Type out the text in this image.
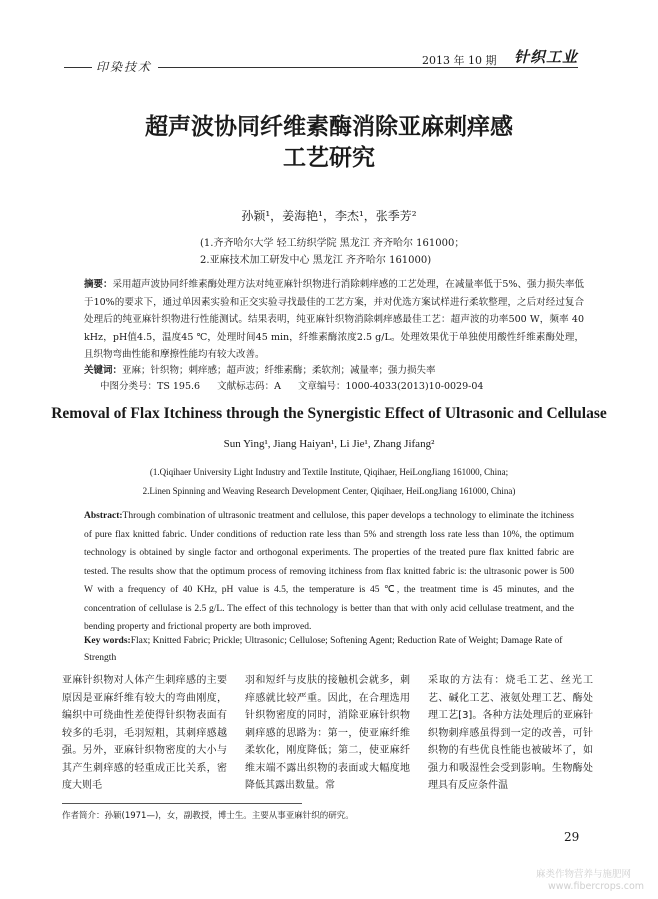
印染技术	2013 年 10 期 针织工业
超声波协同纤维素酶消除亚麻刺痒感
工艺研究
孙颖¹，姜海艳¹，李杰¹，张季芳²
(1.齐齐哈尔大学 轻工纺织学院 黑龙江 齐齐哈尔 161000；
2.亚麻技术加工研发中心 黑龙江 齐齐哈尔 161000)
摘要：采用超声波协同纤维素酶处理方法对纯亚麻针织物进行消除刺痒感的工艺处理，在减量率低于5%、强力损失率低于10%的要求下，通过单因素实验和正交实验寻找最佳的工艺方案，并对优选方案试样进行柔软整理，之后对经过复合处理后的纯亚麻针织物进行性能测试。结果表明，纯亚麻针织物消除刺痒感最佳工艺：超声波的功率500 W，频率 40 kHz，pH值4.5，温度45 ℃，处理时间45 min，纤维素酶浓度2.5 g/L。处理效果优于单独使用酸性纤维素酶处理，且织物弯曲性能和摩擦性能均有较大改善。
关键词：亚麻；针织物；刺痒感；超声波；纤维素酶；柔软剂；减量率；强力损失率
中图分类号：TS 195.6 文献标志码：A 文章编号：1000-4033(2013)10-0029-04
Removal of Flax Itchiness through the Synergistic Effect of Ultrasonic and Cellulase
Sun Ying¹, Jiang Haiyan¹, Li Jie¹, Zhang Jifang²
(1.Qiqihaer University Light Industry and Textile Institute, Qiqihaer, HeiLongJiang 161000, China;
2.Linen Spinning and Weaving Research Development Center, Qiqihaer, HeiLongJiang 161000, China)
Abstract:Through combination of ultrasonic treatment and cellulose, this paper develops a technology to eliminate the itchiness of pure flax knitted fabric. Under conditions of reduction rate less than 5% and strength loss rate less than 10%, the optimum technology is obtained by single factor and orthogonal experiments. The properties of the treated pure flax knitted fabric are tested. The results show that the optimum process of removing itchiness from flax knitted fabric is: the ultrasonic power is 500 W with a frequency of 40 KHz, pH value is 4.5, the temperature is 45 ℃, the treatment time is 45 minutes, and the concentration of cellulase is 2.5 g/L. The effect of this technology is better than that with only acid cellulase treatment, and the bending property and frictional property are both improved.
Key words:Flax; Knitted Fabric; Prickle; Ultrasonic; Cellulose; Softening Agent; Reduction Rate of Weight; Damage Rate of Strength
亚麻针织物对人体产生刺痒感的主要原因是亚麻纤维有较大的弯曲刚度，编织中可绕曲性差使得针织物表面有较多的毛羽，毛羽短粗，其刺痒感越强。另外，亚麻针织物密度的大小与其产生刺痒感的轻重成正比关系，密度大则毛
羽和短纤与皮肤的接触机会就多，刺痒感就比较严重。因此，在合理选用针织物密度的同时，消除亚麻针织物刺痒感的思路为：第一，使亚麻纤维柔软化，刚度降低；第二，使亚麻纤维末端不露出织物的表面或大幅度地降低其露出数量。常
采取的方法有：烧毛工艺、丝光工艺、碱化工艺、液氨处理工艺、酶处理工艺[3]。各种方法处理后的亚麻针织物刺痒感虽得到一定的改善，可针织物的有些优良性能也被破坏了，如强力和吸湿性会受到影响。生物酶处理具有反应条件温
作者简介：孙颖(1971—)，女，副教授，博士生。主要从事亚麻针织的研究。
29
麻类作物营养与施肥网
www.fibercrops.com
